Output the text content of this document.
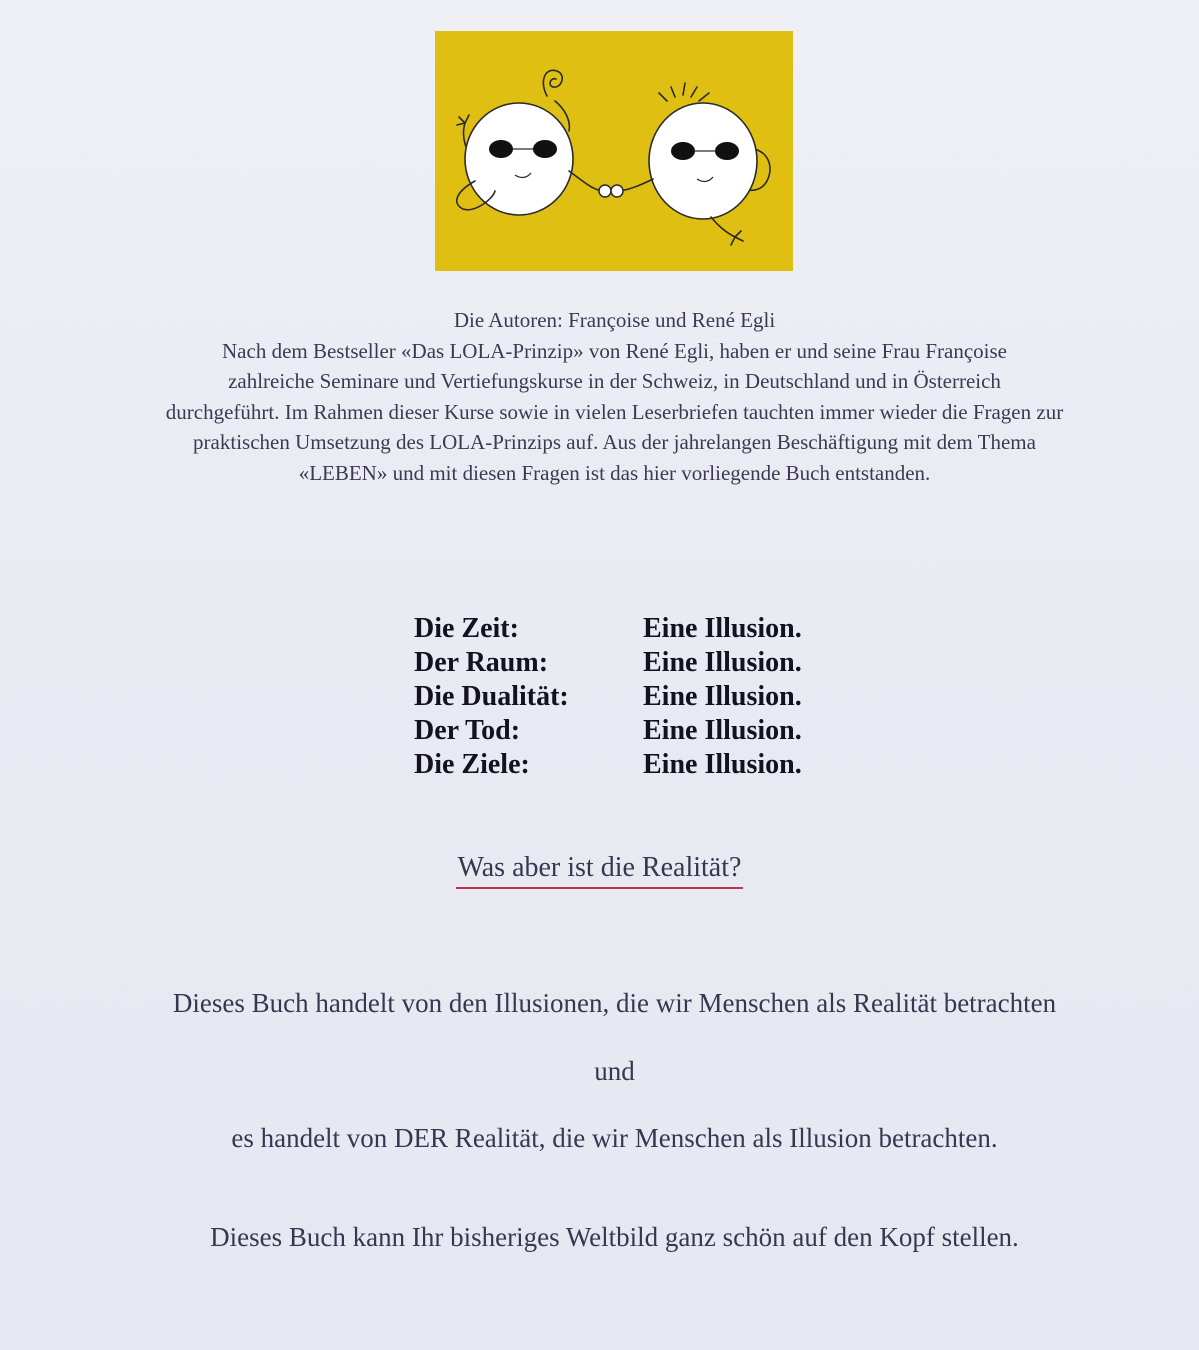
Die Autoren: Françoise und René Egli

Nach dem Bestseller «Das LOLA-Prinzip» von René Egli, haben er und seine Frau Françoise

zahlreiche Seminare und Vertiefungskurse in der Schweiz, in Deutschland und in Österreich

durchgeführt. Im Rahmen dieser Kurse sowie in vielen Leserbriefen tauchten immer wieder die Fragen zur

praktischen Umsetzung des LOLA-Prinzips auf. Aus der jahrelangen Beschäftigung mit dem Thema

«LEBEN» und mit diesen Fragen ist das hier vorliegende Buch entstanden.

Die Zeit:	Eine Illusion.
Der Raum:	Eine Illusion.
Die Dualität:	Eine Illusion.
Der Tod:	Eine Illusion.
Die Ziele:	Eine Illusion.
Was aber ist die Realität?
Dieses Buch handelt von den Illusionen, die wir Menschen als Realität betrachten
und
es handelt von DER Realität, die wir Menschen als Illusion betrachten.
Dieses Buch kann Ihr bisheriges Weltbild ganz schön auf den Kopf stellen.
